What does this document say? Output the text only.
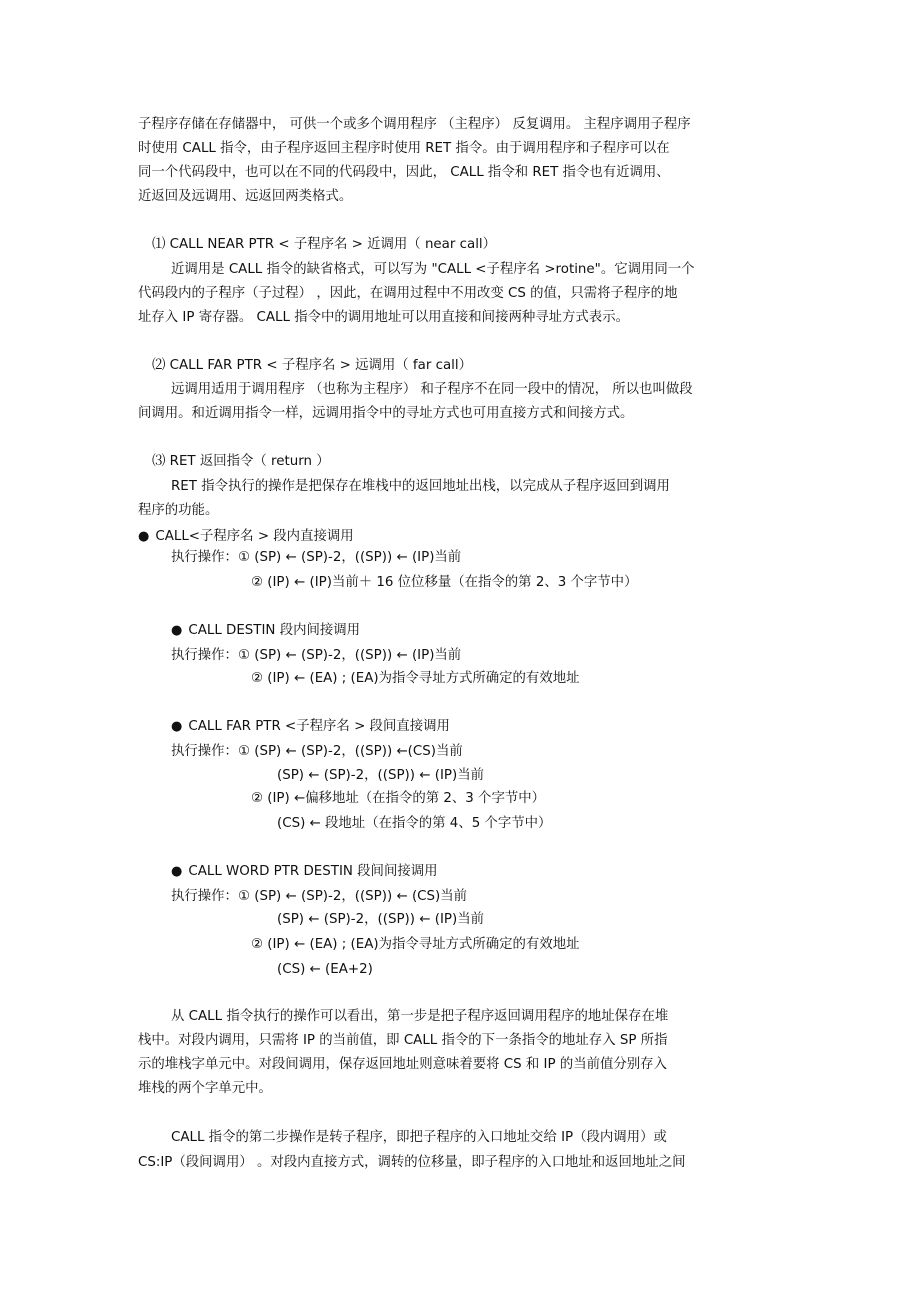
子程序存储在存储器中， 可供一个或多个调用程序 （主程序） 反复调用。 主程序调用子程序
时使用 CALL 指令，由子程序返回主程序时使用 RET 指令。由于调用程序和子程序可以在
同一个代码段中，也可以在不同的代码段中，因此， CALL 指令和 RET 指令也有近调用、
近返回及远调用、远返回两类格式。
⑴ CALL NEAR PTR < 子程序名 > 近调用（ near call）
近调用是 CALL 指令的缺省格式，可以写为 "CALL <子程序名 >rotine"。它调用同一个
代码段内的子程序（子过程） ，因此，在调用过程中不用改变 CS 的值，只需将子程序的地
址存入 IP 寄存器。 CALL 指令中的调用地址可以用直接和间接两种寻址方式表示。
⑵ CALL FAR PTR < 子程序名 > 远调用（ far call）
远调用适用于调用程序 （也称为主程序） 和子程序不在同一段中的情况， 所以也叫做段
间调用。和近调用指令一样，远调用指令中的寻址方式也可用直接方式和间接方式。
⑶ RET 返回指令（ return ）
RET 指令执行的操作是把保存在堆栈中的返回地址出栈，以完成从子程序返回到调用
程序的功能。
● CALL<子程序名 > 段内直接调用
执行操作：① (SP) ← (SP)-2，((SP)) ← (IP)当前
② (IP) ← (IP)当前＋ 16 位位移量（在指令的第 2、3 个字节中）
● CALL DESTIN 段内间接调用
执行操作：① (SP) ← (SP)-2，((SP)) ← (IP)当前
② (IP) ← (EA) ; (EA)为指令寻址方式所确定的有效地址
● CALL FAR PTR <子程序名 > 段间直接调用
执行操作：① (SP) ← (SP)-2，((SP)) ←(CS)当前
(SP) ← (SP)-2，((SP)) ← (IP)当前
② (IP) ←偏移地址（在指令的第 2、3 个字节中）
(CS) ← 段地址（在指令的第 4、5 个字节中）
● CALL WORD PTR DESTIN 段间间接调用
执行操作：① (SP) ← (SP)-2，((SP)) ← (CS)当前
(SP) ← (SP)-2，((SP)) ← (IP)当前
② (IP) ← (EA) ; (EA)为指令寻址方式所确定的有效地址
(CS) ← (EA+2)
从 CALL 指令执行的操作可以看出，第一步是把子程序返回调用程序的地址保存在堆
栈中。对段内调用，只需将 IP 的当前值，即 CALL 指令的下一条指令的地址存入 SP 所指
示的堆栈字单元中。对段间调用，保存返回地址则意味着要将 CS 和 IP 的当前值分别存入
堆栈的两个字单元中。
CALL 指令的第二步操作是转子程序，即把子程序的入口地址交给 IP（段内调用）或
CS:IP（段间调用） 。对段内直接方式，调转的位移量，即子程序的入口地址和返回地址之间
